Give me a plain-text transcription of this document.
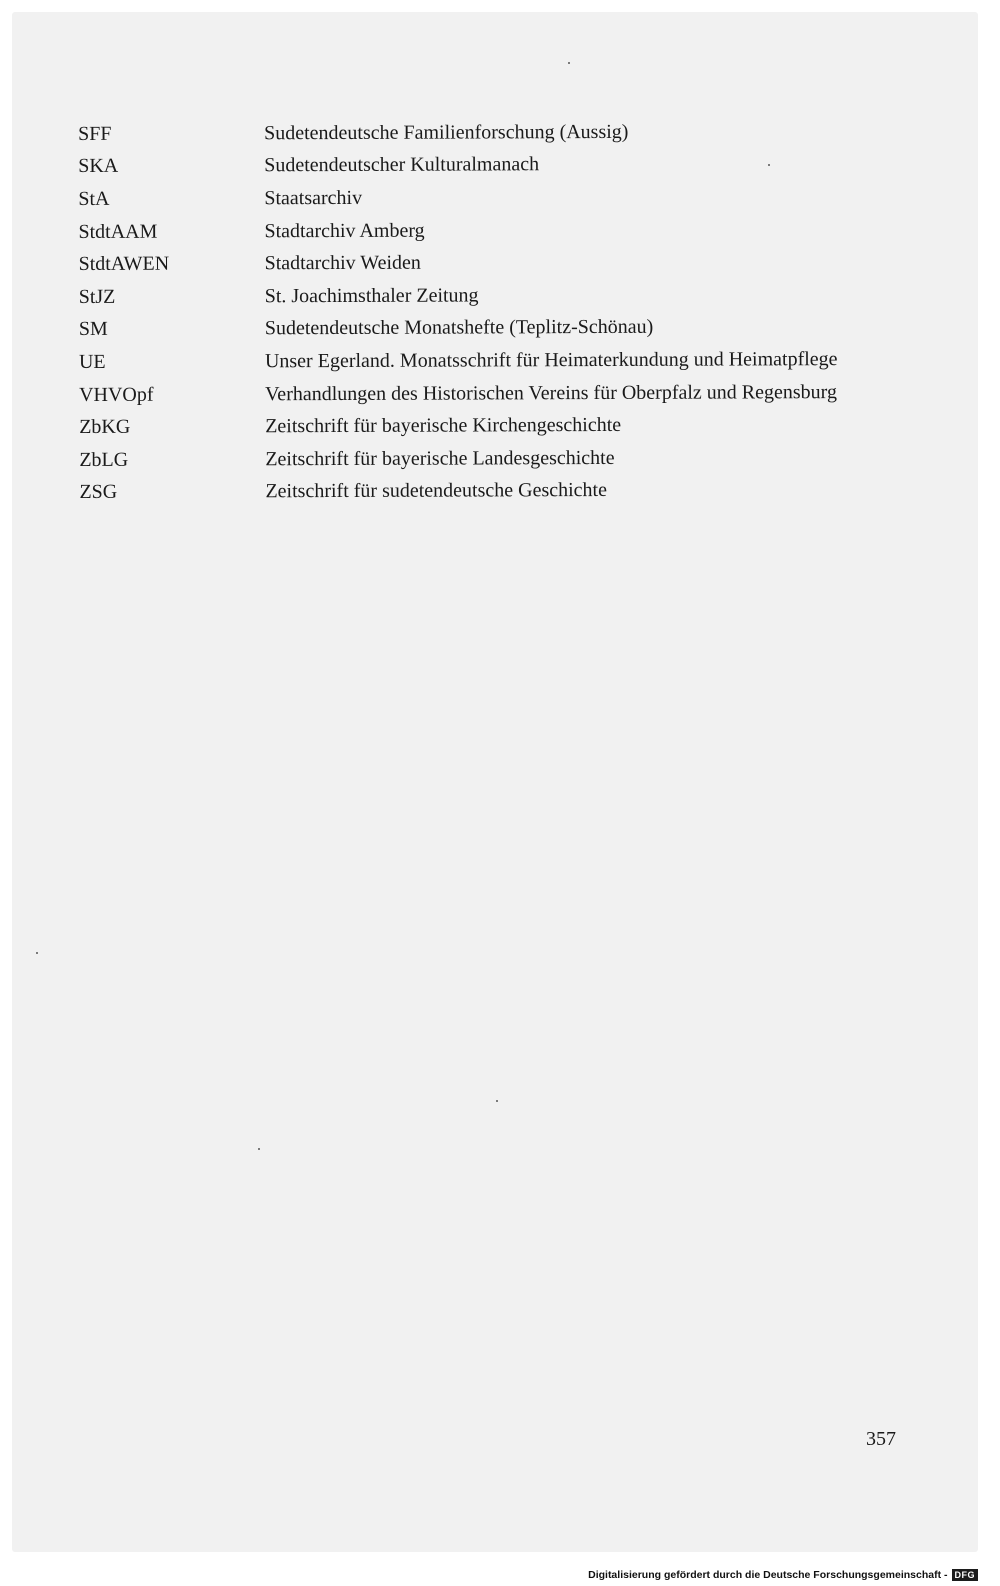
SFF	Sudetendeutsche Familienforschung (Aussig)
SKA	Sudetendeutscher Kulturalmanach
StA	Staatsarchiv
StdtAAM	Stadtarchiv Amberg
StdtAWEN	Stadtarchiv Weiden
StJZ	St. Joachimsthaler Zeitung
SM	Sudetendeutsche Monatshefte (Teplitz-Schönau)
UE	Unser Egerland. Monatsschrift für Heimaterkundung und Heimatpflege
VHVOpf	Verhandlungen des Historischen Vereins für Oberpfalz und Regensburg
ZbKG	Zeitschrift für bayerische Kirchengeschichte
ZbLG	Zeitschrift für bayerische Landesgeschichte
ZSG	Zeitschrift für sudetendeutsche Geschichte
357
Digitalisierung gefördert durch die Deutsche Forschungsgemeinschaft - DFG
